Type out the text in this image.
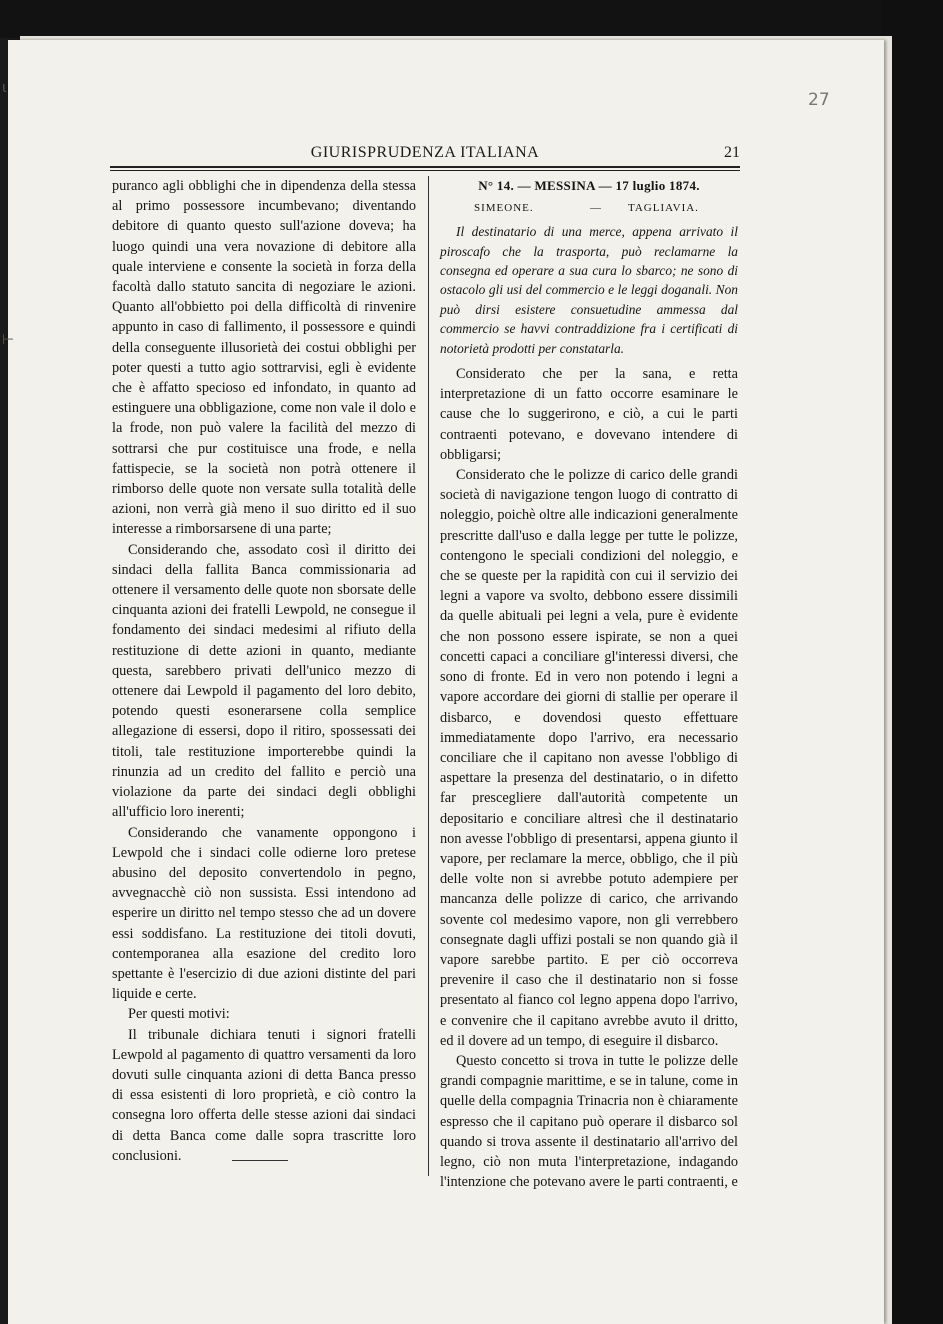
27
GIURISPRUDENZA ITALIANA	21

puranco agli obblighi che in dipendenza della stessa al primo possessore incumbevano; diventando debitore di quanto questo sull'azione doveva; ha luogo quindi una vera novazione di debitore alla quale interviene e consente la società in forza della facoltà dallo statuto sancita di negoziare le azioni. Quanto all'obbietto poi della difficoltà di rinvenire appunto in caso di fallimento, il possessore e quindi della conseguente illusorietà dei costui obblighi per poter questi a tutto agio sottrarvisi, egli è evidente che è affatto specioso ed infondato, in quanto ad estinguere una obbligazione, come non vale il dolo e la frode, non può valere la facilità del mezzo di sottrarsi che pur costituisce una frode, e nella fattispecie, se la società non potrà ottenere il rimborso delle quote non versate sulla totalità delle azioni, non verrà già meno il suo diritto ed il suo interesse a rimborsarsene di una parte;

Considerando che, assodato così il diritto dei sindaci della fallita Banca commissionaria ad ottenere il versamento delle quote non sborsate delle cinquanta azioni dei fratelli Lewpold, ne consegue il fondamento dei sindaci medesimi al rifiuto della restituzione di dette azioni in quanto, mediante questa, sarebbero privati dell'unico mezzo di ottenere dai Lewpold il pagamento del loro debito, potendo questi esonerarsene colla semplice allegazione di essersi, dopo il ritiro, spossessati dei titoli, tale restituzione importerebbe quindi la rinunzia ad un credito del fallito e perciò una violazione da parte dei sindaci degli obblighi all'ufficio loro inerenti;

Considerando che vanamente oppongono i Lewpold che i sindaci colle odierne loro pretese abusino del deposito convertendolo in pegno, avvegnacchè ciò non sussista. Essi intendono ad esperire un diritto nel tempo stesso che ad un dovere essi soddisfano. La restituzione dei titoli dovuti, contemporanea alla esazione del credito loro spettante è l'esercizio di due azioni distinte del pari liquide e certe.

Per questi motivi:

Il tribunale dichiara tenuti i signori fratelli Lewpold al pagamento di quattro versamenti da loro dovuti sulle cinquanta azioni di detta Banca presso di essa esistenti di loro proprietà, e ciò contro la consegna loro offerta delle stesse azioni dai sindaci di detta Banca come dalle sopra trascritte loro conclusioni.

N° 14. — MESSINA — 17 luglio 1874.

SIMEONE.	— TAGLIAVIA.

Il destinatario di una merce, appena arrivato il piroscafo che la trasporta, può reclamarne la consegna ed operare a sua cura lo sbarco; ne sono di ostacolo gli usi del commercio e le leggi doganali. Non può dirsi esistere consuetudine ammessa dal commercio se havvi contraddizione fra i certificati di notorietà prodotti per constatarla.

Considerato che per la sana, e retta interpretazione di un fatto occorre esaminare le cause che lo suggerirono, e ciò, a cui le parti contraenti potevano, e dovevano intendere di obbligarsi;

Considerato che le polizze di carico delle grandi società di navigazione tengon luogo di contratto di noleggio, poichè oltre alle indicazioni generalmente prescritte dall'uso e dalla legge per tutte le polizze, contengono le speciali condizioni del noleggio, e che se queste per la rapidità con cui il servizio dei legni a vapore va svolto, debbono essere dissimili da quelle abituali pei legni a vela, pure è evidente che non possono essere ispirate, se non a quei concetti capaci a conciliare gl'interessi diversi, che sono di fronte. Ed in vero non potendo i legni a vapore accordare dei giorni di stallie per operare il disbarco, e dovendosi questo effettuare immediatamente dopo l'arrivo, era necessario conciliare che il capitano non avesse l'obbligo di aspettare la presenza del destinatario, o in difetto far prescegliere dall'autorità competente un depositario e conciliare altresì che il destinatario non avesse l'obbligo di presentarsi, appena giunto il vapore, per reclamare la merce, obbligo, che il più delle volte non si avrebbe potuto adempiere per mancanza delle polizze di carico, che arrivando sovente col medesimo vapore, non gli verrebbero consegnate dagli uffizi postali se non quando già il vapore sarebbe partito. E per ciò occorreva prevenire il caso che il destinatario non si fosse presentato al fianco col legno appena dopo l'arrivo, e convenire che il capitano avrebbe avuto il dritto, ed il dovere ad un tempo, di eseguire il disbarco.

Questo concetto si trova in tutte le polizze delle grandi compagnie marittime, e se in talune, come in quelle della compagnia Trinacria non è chiaramente espresso che il capitano può operare il disbarco sol quando si trova assente il destinatario all'arrivo del legno, ciò non muta l'interpretazione, indagando l'intenzione che potevano avere le parti contraenti, e

ι
⊢
